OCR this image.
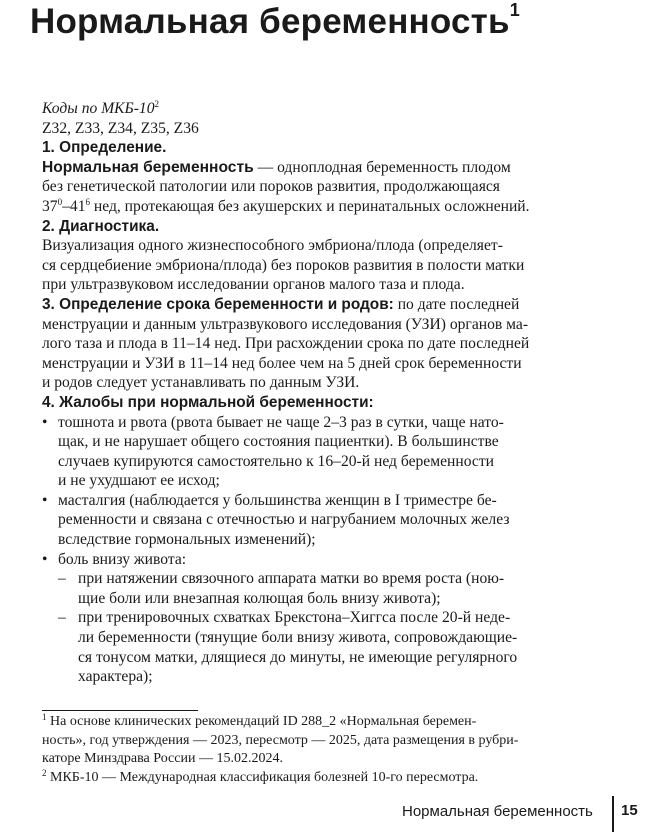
Нормальная беременность$^1$
Коды по МКБ-$10^2$
Z32, Z33, Z34, Z35, Z36
1. Определение.
Нормальная беременность — одноплодная беременность плодом
без генетической патологии или пороков развития, продолжающаяся
$37^0-41^6$ нед, протекающая без акушерских и перинатальных осложнений.
2. Диагностика.
Визуализация одного жизнеспособного эмбриона/плода (определяет-
ся сердцебиение эмбриона/плода) без пороков развития в полости матки
при ультразвуковом исследовании органов малого таза и плода.
3. Определение срока беременности и родов: по дате последней
менструации и данным ультразвукового исследования (УЗИ) органов ма-
лого таза и плода в 11–14 нед. При расхождении срока по дате последней
менструации и УЗИ в 11–14 нед более чем на 5 дней срок беременности
и родов следует устанавливать по данным УЗИ.
4. Жалобы при нормальной беременности:
• тошнота и рвота (рвота бывает не чаще 2–3 раз в сутки, чаще нато-
щак, и не нарушает общего состояния пациентки). В большинстве
случаев купируются самостоятельно к 16–20-й нед беременности
и не ухудшают ее исход;
• масталгия (наблюдается у большинства женщин в I триместре бе-
ременности и связана с отечностью и нагрубанием молочных желез
вследствие гормональных изменений);
• боль внизу живота:
– при натяжении связочного аппарата матки во время роста (ною-
щие боли или внезапная колющая боль внизу живота);
– при тренировочных схватках Брекстона–Хиггса после 20-й неде-
ли беременности (тянущие боли внизу живота, сопровождающие-
ся тонусом матки, длящиеся до минуты, не имеющие регулярного
характера);
$^1$ На основе клинических рекомендаций ID 288_2 «Нормальная беремен-
ность», год утверждения — 2023, пересмотр — 2025, дата размещения в рубри-
каторе Минздрава России — 15.02.2024.
$^2$ МКБ-10 — Международная классификация болезней 10-го пересмотра.
Нормальная беременность 15
